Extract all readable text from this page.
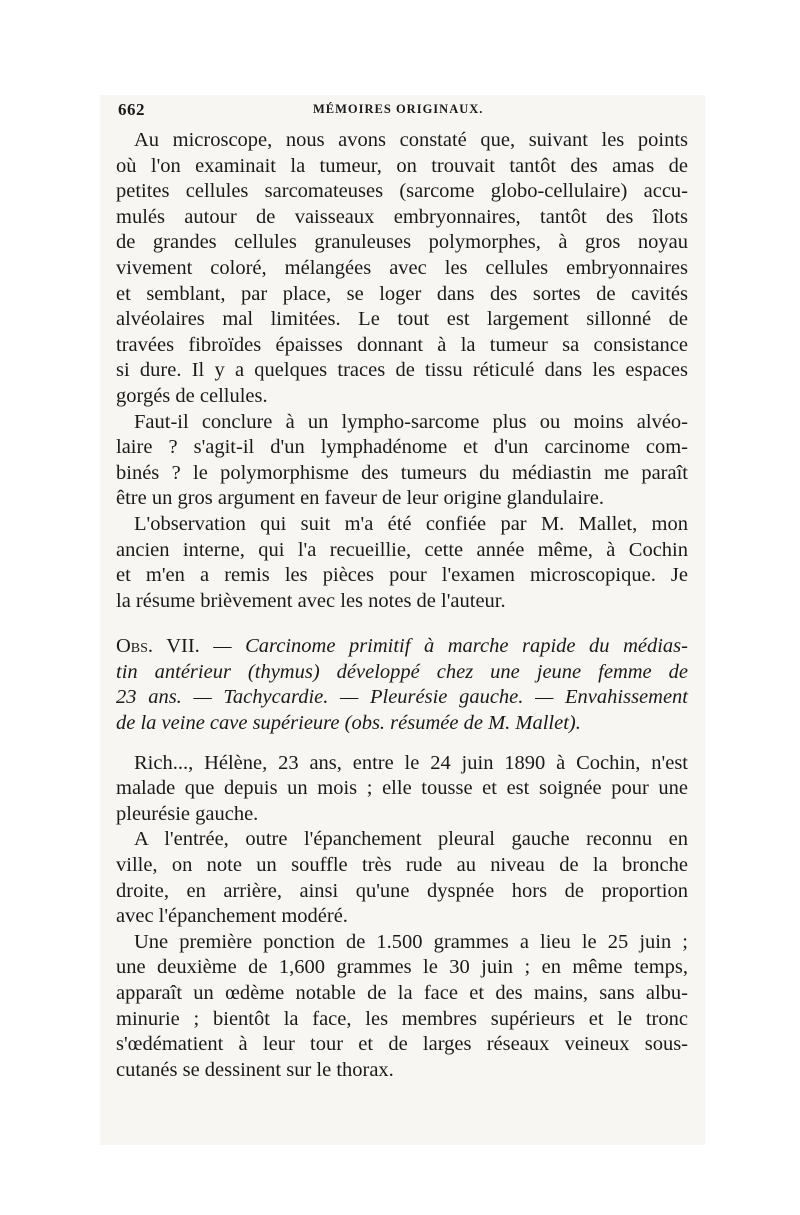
662	MÉMOIRES ORIGINAUX.

Au microscope, nous avons constaté que, suivant les points
où l'on examinait la tumeur, on trouvait tantôt des amas de
petites cellules sarcomateuses (sarcome globo-cellulaire) accu-
mulés autour de vaisseaux embryonnaires, tantôt des îlots
de grandes cellules granuleuses polymorphes, à gros noyau
vivement coloré, mélangées avec les cellules embryonnaires
et semblant, par place, se loger dans des sortes de cavités
alvéolaires mal limitées. Le tout est largement sillonné de
travées fibroïdes épaisses donnant à la tumeur sa consistance
si dure. Il y a quelques traces de tissu réticulé dans les espaces
gorgés de cellules.

Faut-il conclure à un lympho-sarcome plus ou moins alvéo-
laire ? s'agit-il d'un lymphadénome et d'un carcinome com-
binés ? le polymorphisme des tumeurs du médiastin me paraît
être un gros argument en faveur de leur origine glandulaire.

L'observation qui suit m'a été confiée par M. Mallet, mon
ancien interne, qui l'a recueillie, cette année même, à Cochin
et m'en a remis les pièces pour l'examen microscopique. Je
la résume brièvement avec les notes de l'auteur.

Obs. VII. — Carcinome primitif à marche rapide du médias-
tin antérieur (thymus) développé chez une jeune femme de
23 ans. — Tachycardie. — Pleurésie gauche. — Envahissement
de la veine cave supérieure (obs. résumée de M. Mallet).

Rich..., Hélène, 23 ans, entre le 24 juin 1890 à Cochin, n'est
malade que depuis un mois ; elle tousse et est soignée pour une
pleurésie gauche.

A l'entrée, outre l'épanchement pleural gauche reconnu en
ville, on note un souffle très rude au niveau de la bronche
droite, en arrière, ainsi qu'une dyspnée hors de proportion
avec l'épanchement modéré.

Une première ponction de 1.500 grammes a lieu le 25 juin ;
une deuxième de 1,600 grammes le 30 juin ; en même temps,
apparaît un œdème notable de la face et des mains, sans albu-
minurie ; bientôt la face, les membres supérieurs et le tronc
s'œdématient à leur tour et de larges réseaux veineux sous-
cutanés se dessinent sur le thorax.
